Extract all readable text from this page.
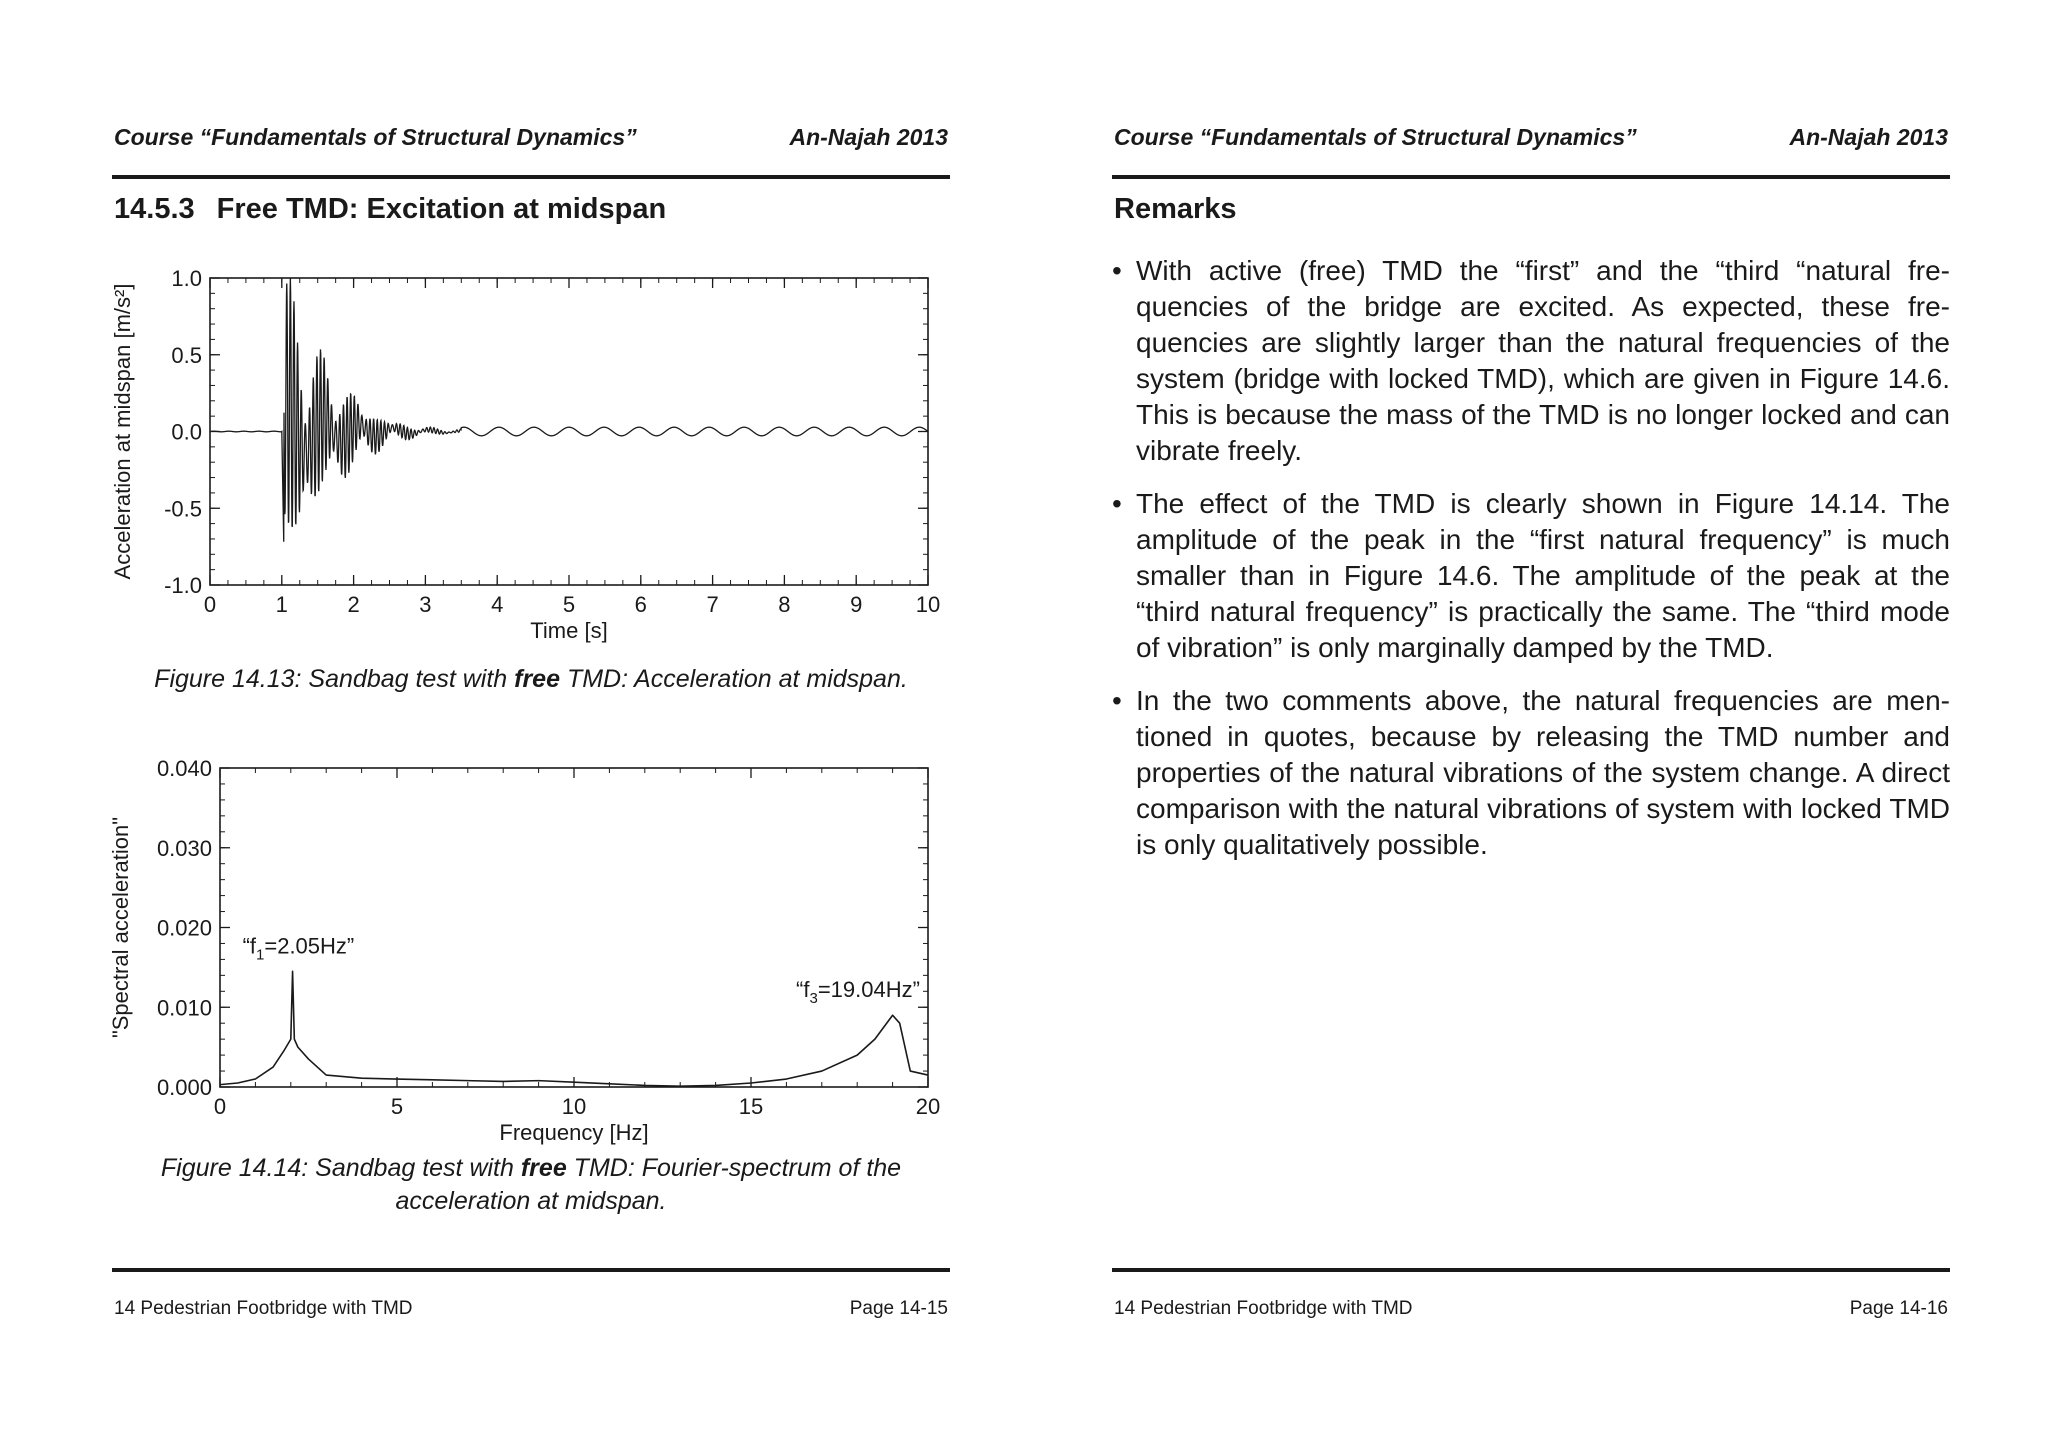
Course “Fundamentals of Structural Dynamics”	An-Najah 2013
14.5.3 Free TMD: Excitation at midspan
0	1	2	3	4	5	6	7	8	9 10
-1.0
-0.5
0.0
0.5
1.0
Time [s]
Acceleration at midspan [m/s²]
Figure 14.13: Sandbag test with free TMD: Acceleration at midspan.
0	5	10	15	20
0.000
0.010
0.020
0.030
0.040
Frequency [Hz]
"Spectral acceleration"	“$f_1=2.05Hz$”
“$f_3=19.04Hz$”
Figure 14.14: Sandbag test with free TMD: Fourier-spectrum of the
acceleration at midspan.
14 Pedestrian Footbridge with TMD	Page 14-15
Course “Fundamentals of Structural Dynamics”	An-Najah 2013
Remarks
• With active (free) TMD the “first” and the “third “natural frequencies of the bridge are excited. As expected, these frequencies are slightly larger than the natural frequencies of the system (bridge with locked TMD), which are given in Figure 14.6. This is because the mass of the TMD is no longer locked and can vibrate freely.
• The effect of the TMD is clearly shown in Figure 14.14. The amplitude of the peak in the “first natural frequency” is much smaller than in Figure 14.6. The amplitude of the peak at the “third natural frequency” is practically the same. The “third mode of vibration” is only marginally damped by the TMD.
• In the two comments above, the natural frequencies are mentioned in quotes, because by releasing the TMD number and properties of the natural vibrations of the system change. A direct comparison with the natural vibrations of system with locked TMD is only qualitatively possible.
14 Pedestrian Footbridge with TMD	Page 14-16
